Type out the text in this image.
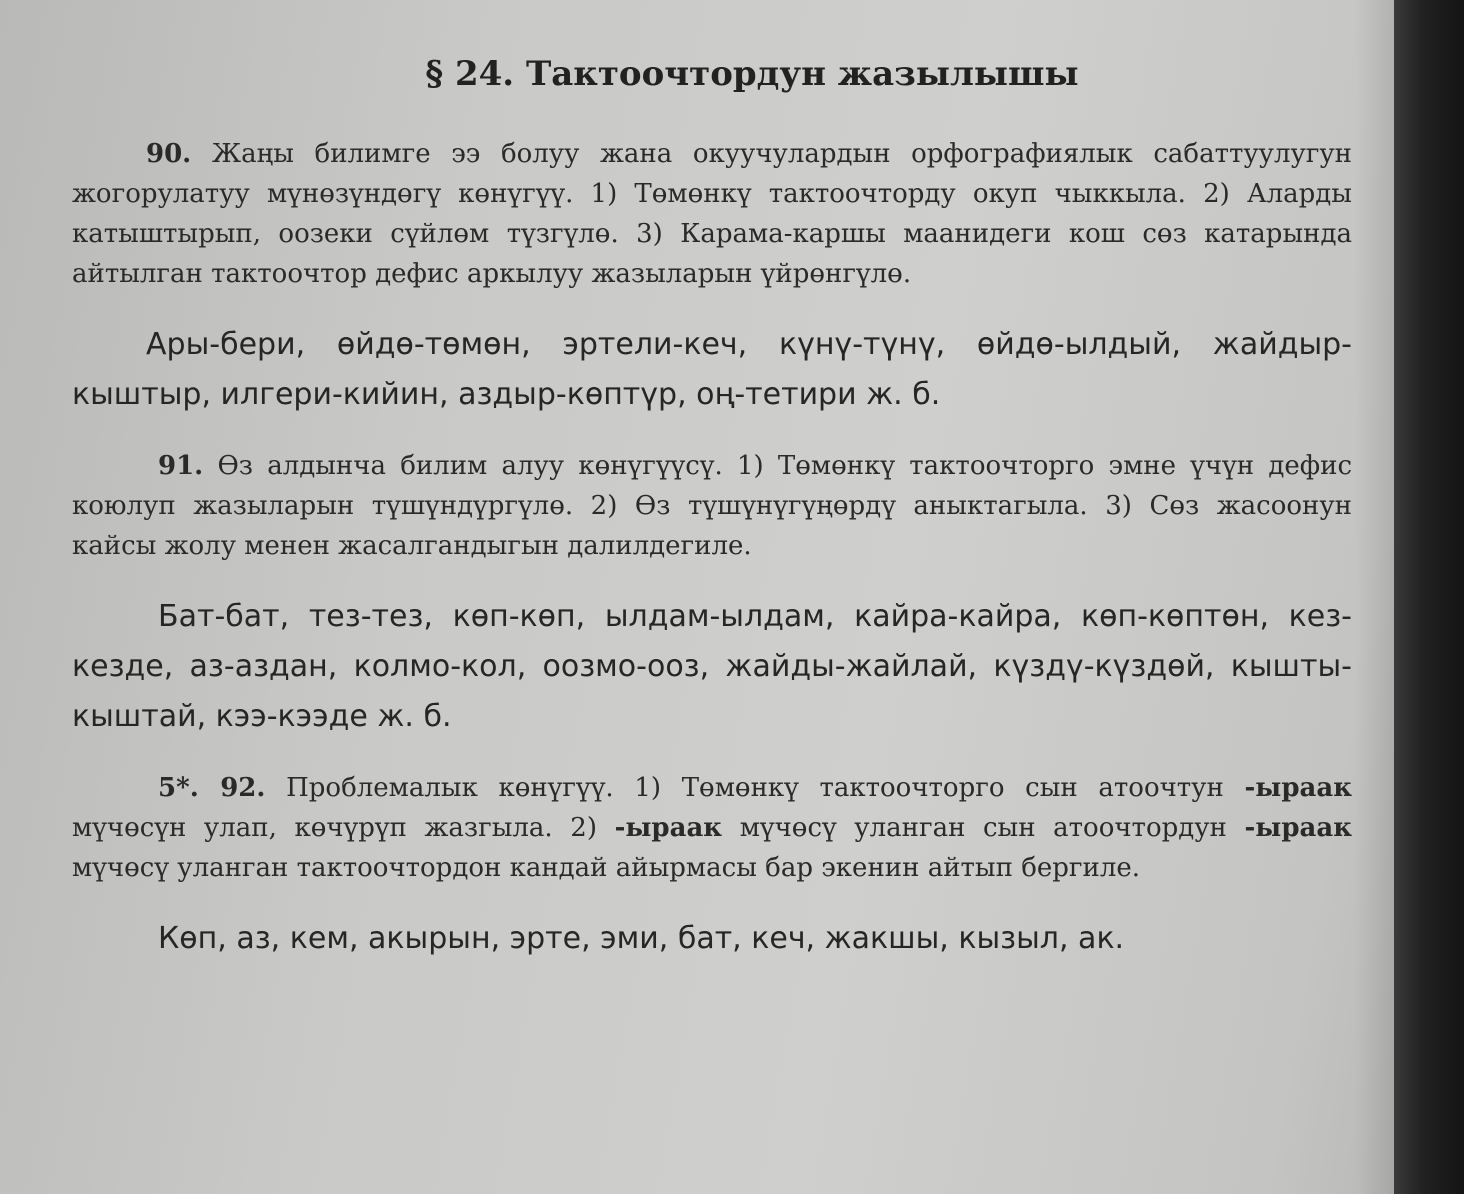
§ 24. Тактоочтордун жазылышы

90. Жаңы билимге ээ болуу жана окуучулардын орфографиялык сабаттуулугун жогорулатуу мүнөзүндөгү көнүгүү. 1) Төмөнкү тактоочторду окуп чыккыла. 2) Аларды катыштырып, оозеки сүйлөм түзгүлө. 3) Карама-каршы маанидеги кош сөз катарында айтылган тактоочтор дефис аркылуу жазыларын үйрөнгүлө.

Ары-бери, өйдө-төмөн, эртели-кеч, күнү-түнү, өйдө-ылдый, жайдыр-кыштыр, илгери-кийин, аздыр-көптүр, оң-тетири ж. б.

91. Өз алдынча билим алуу көнүгүүсү. 1) Төмөнкү тактоочторго эмне үчүн дефис коюлуп жазыларын түшүндүргүлө. 2) Өз түшүнүгүңөрдү аныктагыла. 3) Сөз жасоонун кайсы жолу менен жасалгандыгын далилдегиле.

Бат-бат, тез-тез, көп-көп, ылдам-ылдам, кайра-кайра, көп-көптөн, кез-кезде, аз-аздан, колмо-кол, оозмо-ооз, жайды-жайлай, күздү-күздөй, кышты-кыштай, кээ-кээде ж. б.

5*. 92. Проблемалык көнүгүү. 1) Төмөнкү тактоочторго сын атоочтун -ыраак мүчөсүн улап, көчүрүп жазгыла. 2) -ыраак мүчөсү уланган сын атоочтордун -ыраак мүчөсү уланган тактоочтордон кандай айырмасы бар экенин айтып бергиле.

Көп, аз, кем, акырын, эрте, эми, бат, кеч, жакшы, кызыл, ак.
